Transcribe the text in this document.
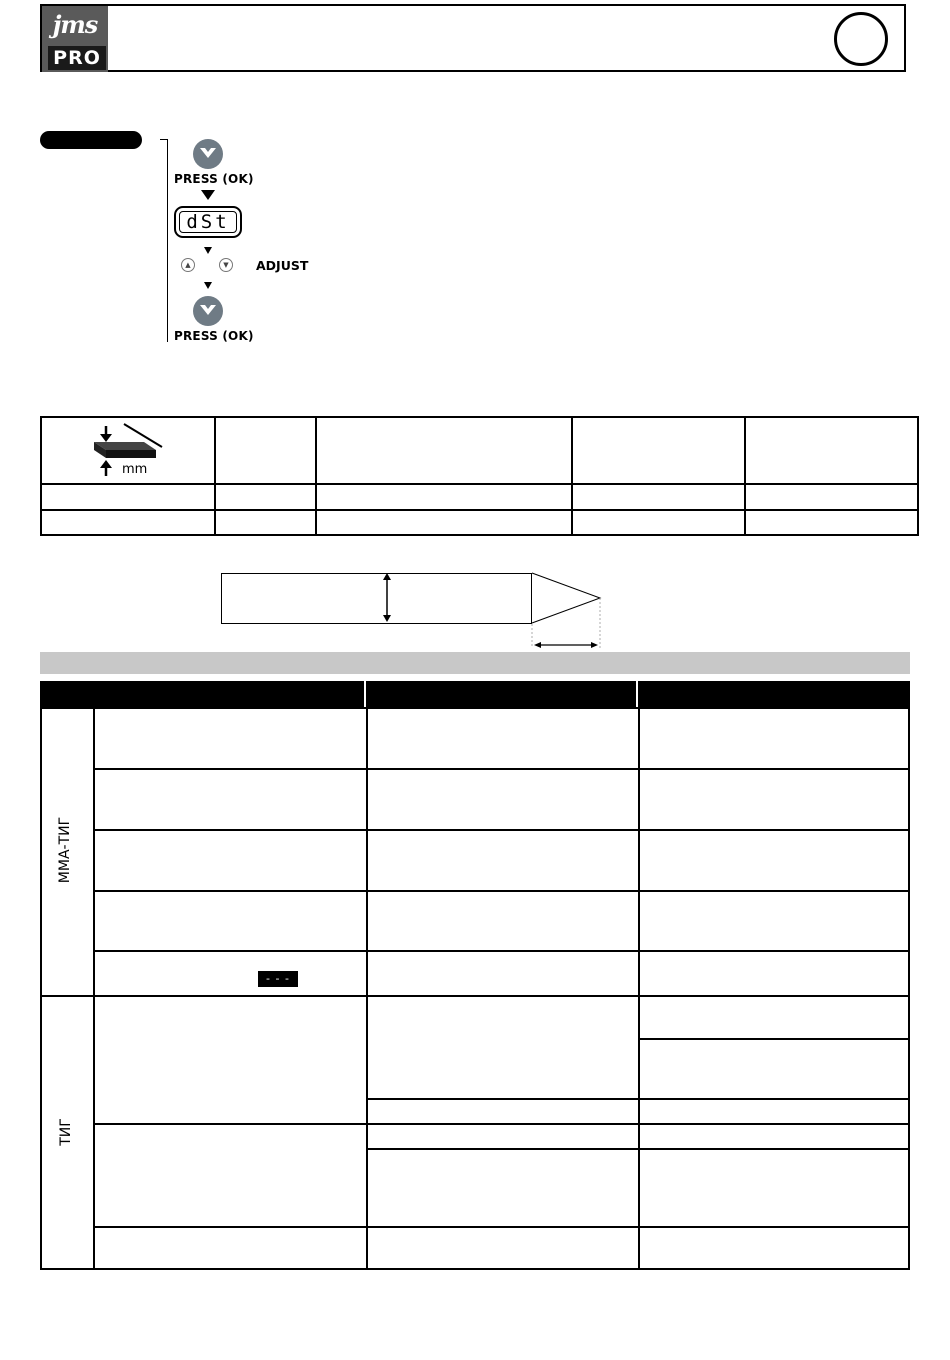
jms
PRO
PRESS (OK)
dSt
▲	▼	ADJUST
PRESS (OK)
mm
ММА-ТИГ
ТИГ
- - -
